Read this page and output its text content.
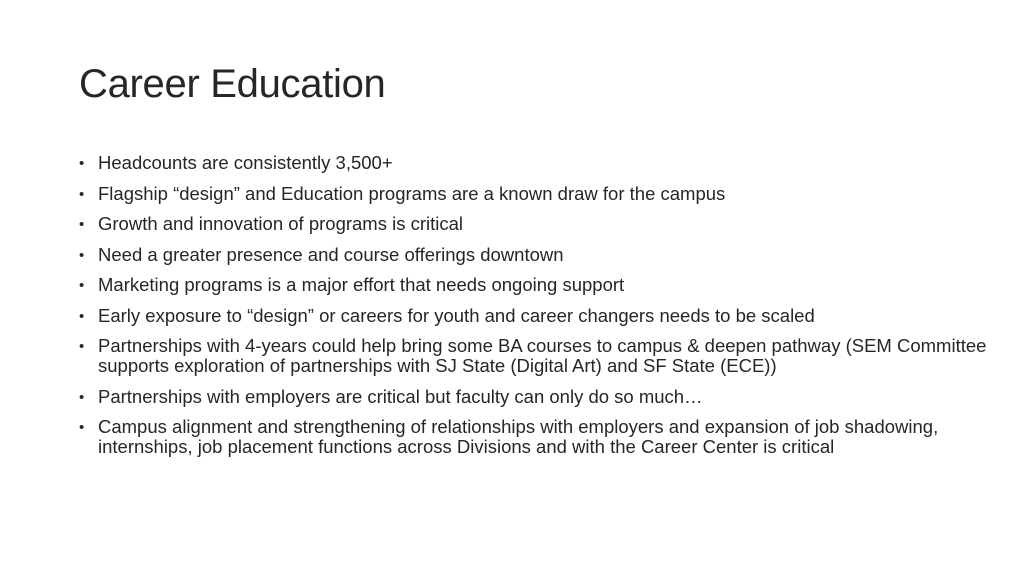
Career Education
• Headcounts are consistently 3,500+
• Flagship “design” and Education programs are a known draw for the campus
• Growth and innovation of programs is critical
• Need a greater presence and course offerings downtown
• Marketing programs is a major effort that needs ongoing support
• Early exposure to “design” or careers for youth and career changers needs to be scaled
• Partnerships with 4-years could help bring some BA courses to campus & deepen pathway (SEM Committee supports exploration of partnerships with SJ State (Digital Art) and SF State (ECE))
• Partnerships with employers are critical but faculty can only do so much…
• Campus alignment and strengthening of relationships with employers and expansion of job shadowing, internships, job placement functions across Divisions and with the Career Center is critical
